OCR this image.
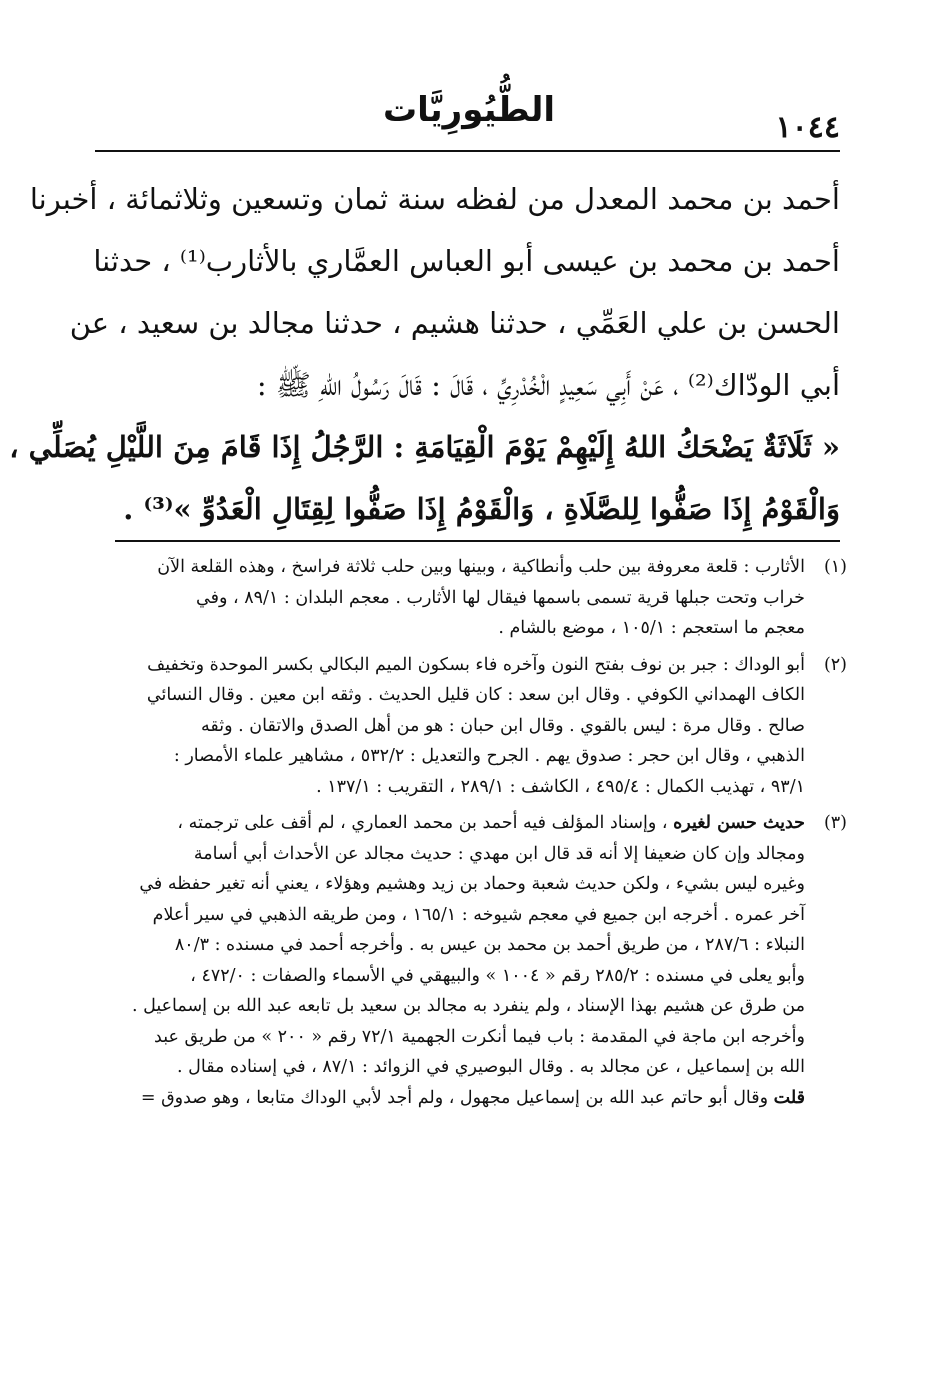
١٠٤٤
الطُّيُورِيَّات
أحمد بن محمد المعدل من لفظه سنة ثمان وتسعين وثلاثمائة ، أخبرنا
أحمد بن محمد بن عيسى أبو العباس العمَّاري بالأثارب⁽¹⁾ ، حدثنا
الحسن بن علي العَمِّي ، حدثنا هشيم ، حدثنا مجالد بن سعيد ، عن
أبي الودّاك⁽²⁾ ، عَنْ أَبِي سَعِيدٍ الْخُدْرِيِّ ، قَالَ : قَالَ رَسُولُ اللهِ ﷺ :
« ثَلَاثَةٌ يَضْحَكُ اللهُ إِلَيْهِمْ يَوْمَ الْقِيَامَةِ : الرَّجُلُ إِذَا قَامَ مِنَ اللَّيْلِ يُصَلِّي ،
وَالْقَوْمُ إِذَا صَفُّوا لِلصَّلَاةِ ، وَالْقَوْمُ إِذَا صَفُّوا لِقِتَالِ الْعَدُوِّ »⁽³⁾ .
(١)
الأثارب : قلعة معروفة بين حلب وأنطاكية ، وبينها وبين حلب ثلاثة فراسخ ، وهذه القلعة الآن
خراب وتحت جبلها قرية تسمى باسمها فيقال لها الأثارب . معجم البلدان : ٨٩/١ ، وفي
معجم ما استعجم : ١٠٥/١ ، موضع بالشام .
(٢)
أبو الوداك : جبر بن نوف بفتح النون وآخره فاء بسكون الميم البكالي بكسر الموحدة وتخفيف
الكاف الهمداني الكوفي . وقال ابن سعد : كان قليل الحديث . وثقه ابن معين . وقال النسائي
صالح . وقال مرة : ليس بالقوي . وقال ابن حبان : هو من أهل الصدق والاتقان . وثقه
الذهبي ، وقال ابن حجر : صدوق يهم . الجرح والتعديل : ٥٣٢/٢ ، مشاهير علماء الأمصار :
٩٣/١ ، تهذيب الكمال : ٤٩٥/٤ ، الكاشف : ٢٨٩/١ ، التقريب : ١٣٧/١ .
(٣)
حديث حسن لغيره ، وإسناد المؤلف فيه أحمد بن محمد العماري ، لم أقف على ترجمته ،
ومجالد وإن كان ضعيفا إلا أنه قد قال ابن مهدي : حديث مجالد عن الأحداث أبي أسامة
وغيره ليس بشيء ، ولكن حديث شعبة وحماد بن زيد وهشيم وهؤلاء ، يعني أنه تغير حفظه في
آخر عمره . أخرجه ابن جميع في معجم شيوخه : ١٦٥/١ ، ومن طريقه الذهبي في سير أعلام
النبلاء : ٢٨٧/٦ ، من طريق أحمد بن محمد بن عيس به . وأخرجه أحمد في مسنده : ٨٠/٣
وأبو يعلى في مسنده : ٢٨٥/٢ رقم « ١٠٠٤ » والبيهقي في الأسماء والصفات : ٤٧٢/٠ ،
من طرق عن هشيم بهذا الإسناد ، ولم ينفرد به مجالد بن سعيد بل تابعه عبد الله بن إسماعيل .
وأخرجه ابن ماجة في المقدمة : باب فيما أنكرت الجهمية ٧٢/١ رقم « ٢٠٠ » من طريق عبد
الله بن إسماعيل ، عن مجالد به . وقال البوصيري في الزوائد : ٨٧/١ ، في إسناده مقال .
قلت وقال أبو حاتم عبد الله بن إسماعيل مجهول ، ولم أجد لأبي الوداك متابعا ، وهو صدوق =
